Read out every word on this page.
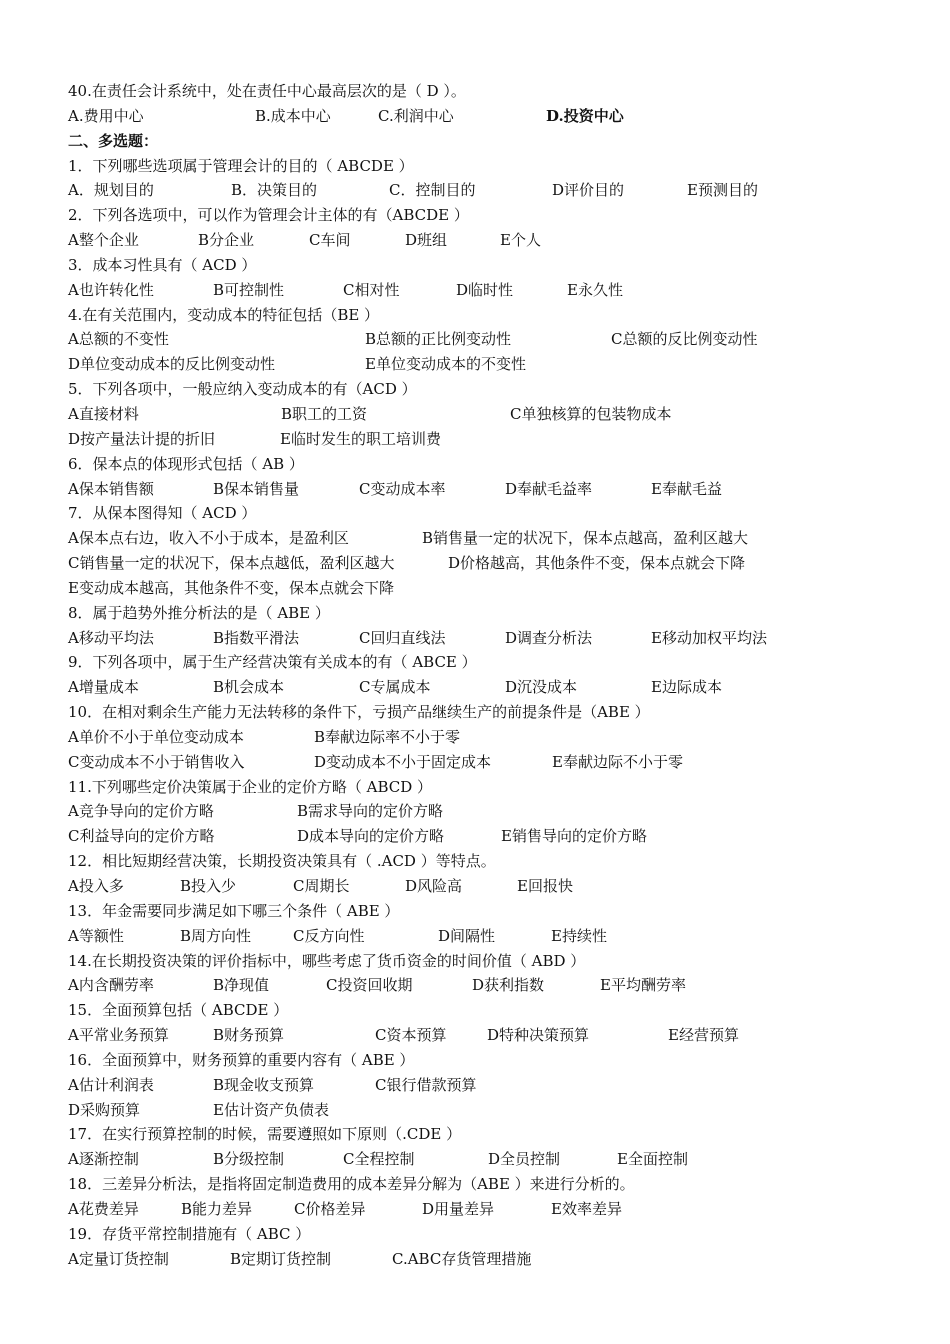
40.在责任会计系统中，处在责任中心最高层次的是（ D ）。
A.费用中心	B.成本中心	C.利润中心	D.投资中心
二、多选题：
1．下列哪些选项属于管理会计的目的（ ABCDE ）
A．规划目的	B．决策目的	C．控制目的	D评价目的	E预测目的
2．下列各选项中，可以作为管理会计主体的有（ABCDE ）
A整个企业	B分企业	C车间	D班组	E个人
3．成本习性具有（ ACD ）
A也许转化性	B可控制性	C相对性	D临时性	E永久性
4.在有关范围内，变动成本的特征包括（BE ）
A总额的不变性	B总额的正比例变动性	C总额的反比例变动性
D单位变动成本的反比例变动性	E单位变动成本的不变性
5．下列各项中，一般应纳入变动成本的有（ACD ）
A直接材料	B职工的工资	C单独核算的包装物成本
D按产量法计提的折旧	E临时发生的职工培训费
6．保本点的体现形式包括（ AB ）
A保本销售额	B保本销售量	C变动成本率	D奉献毛益率	E奉献毛益
7．从保本图得知（ ACD ）
A保本点右边，收入不小于成本，是盈利区	B销售量一定的状况下，保本点越高，盈利区越大
C销售量一定的状况下，保本点越低，盈利区越大	D价格越高，其他条件不变，保本点就会下降
E变动成本越高，其他条件不变，保本点就会下降
8．属于趋势外推分析法的是（ ABE ）
A移动平均法	B指数平滑法	C回归直线法	D调查分析法	E移动加权平均法
9．下列各项中，属于生产经营决策有关成本的有（ ABCE ）
A增量成本	B机会成本	C专属成本	D沉没成本	E边际成本
10．在相对剩余生产能力无法转移的条件下，亏损产品继续生产的前提条件是（ABE ）
A单价不小于单位变动成本	B奉献边际率不小于零
C变动成本不小于销售收入	D变动成本不小于固定成本	E奉献边际不小于零
11.下列哪些定价决策属于企业的定价方略（ ABCD ）
A竞争导向的定价方略	B需求导向的定价方略
C利益导向的定价方略	D成本导向的定价方略	E销售导向的定价方略
12．相比短期经营决策，长期投资决策具有（ .ACD ）等特点。
A投入多	B投入少	C周期长	D风险高	E回报快
13．年金需要同步满足如下哪三个条件（ ABE ）
A等额性	B周方向性	C反方向性	D间隔性	E持续性
14.在长期投资决策的评价指标中，哪些考虑了货币资金的时间价值（ ABD ）
A内含酬劳率	B净现值	C投资回收期	D获利指数	E平均酬劳率
15．全面预算包括（ ABCDE ）
A平常业务预算	B财务预算	C资本预算	D特种决策预算	E经营预算
16．全面预算中，财务预算的重要内容有（ ABE ）
A估计利润表	B现金收支预算	C银行借款预算
D采购预算	E估计资产负债表
17．在实行预算控制的时候，需要遵照如下原则（.CDE ）
A逐渐控制	B分级控制	C全程控制	D全员控制	E全面控制
18．三差异分析法，是指将固定制造费用的成本差异分解为（ABE ）来进行分析的。
A花费差异	B能力差异	C价格差异	D用量差异	E效率差异
19．存货平常控制措施有（ ABC ）
A定量订货控制	B定期订货控制	C.ABC存货管理措施
